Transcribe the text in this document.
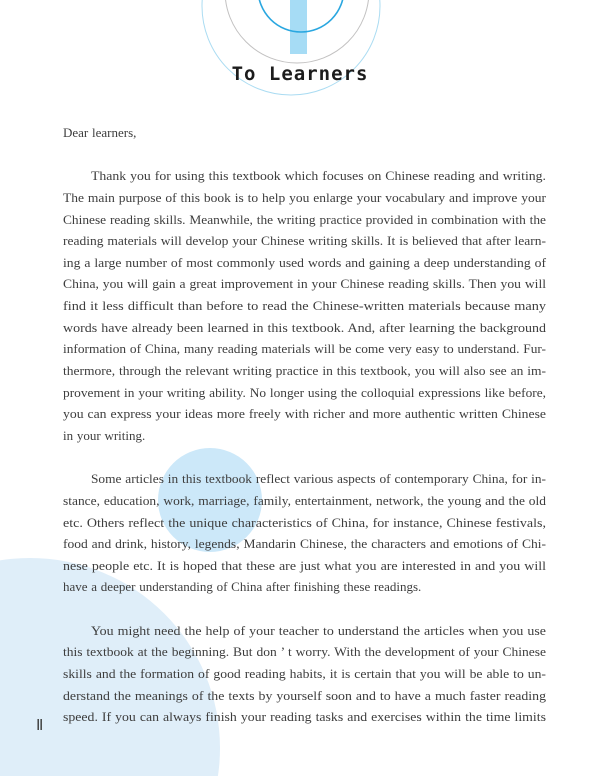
To Learners
Dear learners,
Thank you for using this textbook which focuses on Chinese reading and writing.
The main purpose of this book is to help you enlarge your vocabulary and improve your
Chinese reading skills. Meanwhile, the writing practice provided in combination with the
reading materials will develop your Chinese writing skills. It is believed that after learn-
ing a large number of most commonly used words and gaining a deep understanding of
China, you will gain a great improvement in your Chinese reading skills. Then you will
find it less difficult than before to read the Chinese-written materials because many
words have already been learned in this textbook. And, after learning the background
information of China, many reading materials will be come very easy to understand. Fur-
thermore, through the relevant writing practice in this textbook, you will also see an im-
provement in your writing ability. No longer using the colloquial expressions like before,
you can express your ideas more freely with richer and more authentic written Chinese
in your writing.
Some articles in this textbook reflect various aspects of contemporary China, for in-
stance, education, work, marriage, family, entertainment, network, the young and the old
etc. Others reflect the unique characteristics of China, for instance, Chinese festivals,
food and drink, history, legends, Mandarin Chinese, the characters and emotions of Chi-
nese people etc. It is hoped that these are just what you are interested in and you will
have a deeper understanding of China after finishing these readings.
You might need the help of your teacher to understand the articles when you use
this textbook at the beginning. But don ’ t worry. With the development of your Chinese
skills and the formation of good reading habits, it is certain that you will be able to un-
derstand the meanings of the texts by yourself soon and to have a much faster reading
speed. If you can always finish your reading tasks and exercises within the time limits
Ⅱ
